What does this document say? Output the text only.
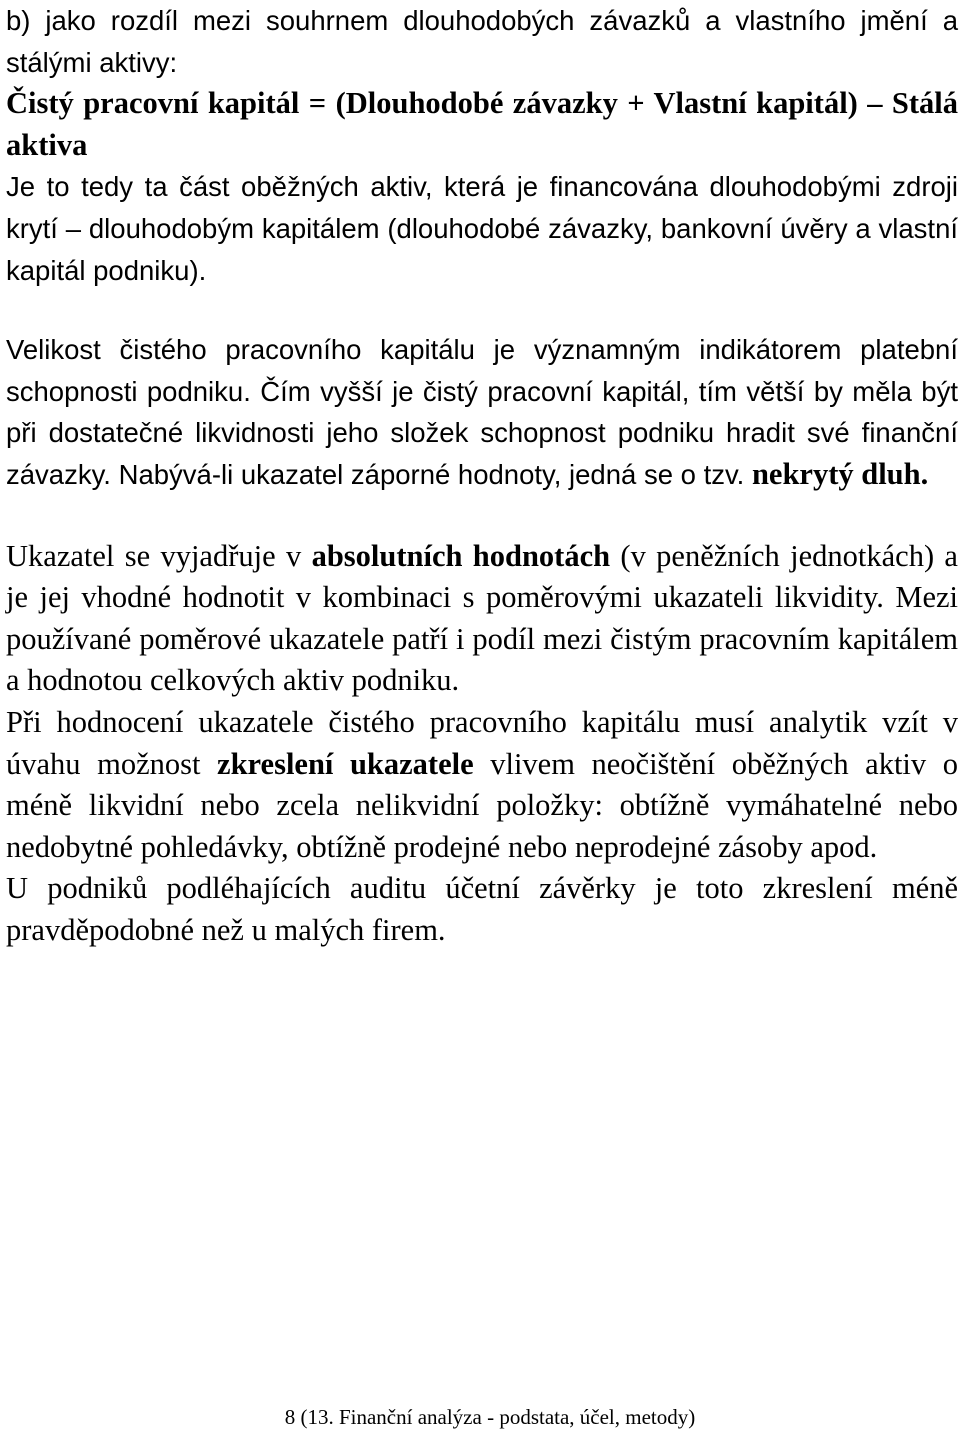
b) jako rozdíl mezi souhrnem dlouhodobých závazků a vlastního jmění a stálými aktivy:

Čistý pracovní kapitál = (Dlouhodobé závazky + Vlastní kapitál) – Stálá aktiva

Je to tedy ta část oběžných aktiv, která je financována dlouhodobými zdroji krytí – dlouhodobým kapitálem (dlouhodobé závazky, bankovní úvěry a vlastní kapitál podniku).

Velikost čistého pracovního kapitálu je významným indikátorem platební schopnosti podniku. Čím vyšší je čistý pracovní kapitál, tím větší by měla být při dostatečné likvidnosti jeho složek schopnost podniku hradit své finanční závazky. Nabývá-li ukazatel záporné hodnoty, jedná se o tzv. nekrytý dluh.

Ukazatel se vyjadřuje v absolutních hodnotách (v peněžních jednotkách) a je jej vhodné hodnotit v kombinaci s poměrovými ukazateli likvidity. Mezi používané poměrové ukazatele patří i podíl mezi čistým pracovním kapitálem a hodnotou celkových aktiv podniku.

Při hodnocení ukazatele čistého pracovního kapitálu musí analytik vzít v úvahu možnost zkreslení ukazatele vlivem neočištění oběžných aktiv o méně likvidní nebo zcela nelikvidní položky: obtížně vymáhatelné nebo nedobytné pohledávky, obtížně prodejné nebo neprodejné zásoby apod.

U podniků podléhajících auditu účetní závěrky je toto zkreslení méně pravděpodobné než u malých firem.

8 (13. Finanční analýza - podstata, účel, metody)
